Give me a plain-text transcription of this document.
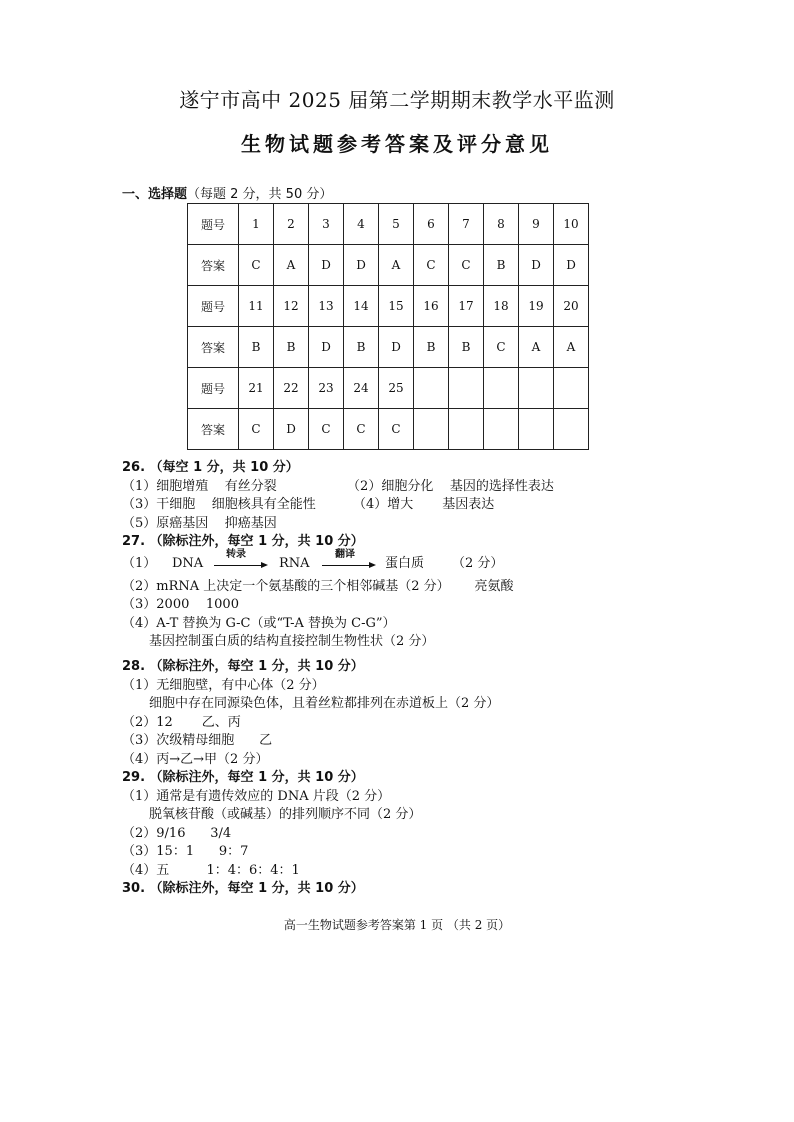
遂宁市高中 2025 届第二学期期末教学水平监测
生物试题参考答案及评分意见
一、选择题（每题 2 分，共 50 分）
题号	1	2	3	4	5	6	7	8	9	10
答案	C	A	D	D	A	C	C	B	D	D
题号	11	12	13	14	15	16	17	18	19	20
答案	B	B	D	B	D	B	B	C	A	A
题号	21	22	23	24	25					
答案	C	D	C	C	C					
26. （每空 1 分，共 10 分）
（1）细胞增殖    有丝分裂                 （2）细胞分化    基因的选择性表达
（3）干细胞    细胞核具有全能性         （4）增大       基因表达
（5）原癌基因    抑癌基因
27. （除标注外，每空 1 分，共 10 分）
（1） DNA
转录
RNA
翻译
蛋白质 （2 分）
（2）mRNA 上决定一个氨基酸的三个相邻碱基（2 分）      亮氨酸
（3）2000    1000
（4）A-T 替换为 G-C（或“T-A 替换为 C-G”）
基因控制蛋白质的结构直接控制生物性状（2 分）
28. （除标注外，每空 1 分，共 10 分）
（1）无细胞壁，有中心体（2 分）
细胞中存在同源染色体，且着丝粒都排列在赤道板上（2 分）
（2）12       乙、丙
（3）次级精母细胞      乙
（4）丙→乙→甲（2 分）
29. （除标注外，每空 1 分，共 10 分）
（1）通常是有遗传效应的 DNA 片段（2 分）
脱氧核苷酸（或碱基）的排列顺序不同（2 分）
（2）9/16      3/4
（3）15：1      9：7
（4）五         1：4：6：4：1
30. （除标注外，每空 1 分，共 10 分）
高一生物试题参考答案第 1 页 （共 2 页）
